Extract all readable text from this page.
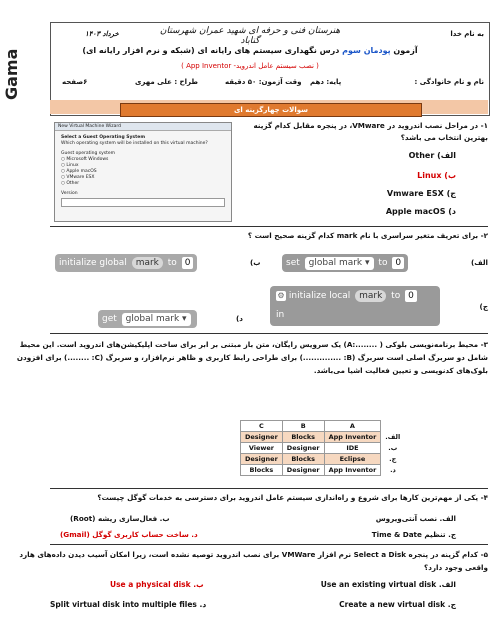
Gama
به نام خدا
هنرستان فنی و حرفه ای شهید عمران شهرستان گناباد
خرداد ۱۴۰۳
آزمون پودمان سوم درس نگهداری سیستم های رایانه ای (شبکه و نرم افزار رایانه ای)
( نصب سیستم عامل اندروید- App Inventor )
نام و نام خانوادگی :
پایه: دهم
وقت آزمون: ۵۰ دقیقه
طراح : علی مهری
۶صفحه
سوالات چهارگزینه ای
۱- در مراحل نصب اندروید در VMware، در پنجره مقابل کدام گزینه بهترین انتخاب می باشد؟
الف) Other
ب) Linux
ج) Vmware ESX
د) Apple macOS
New Virtual Machine Wizard
Select a Guest Operating System
Which operating system will be installed on this virtual machine?
Guest operating system
○ Microsoft Windows
○ Linux
○ Apple macOS
○ VMware ESX
○ Other
Version
۲- برای تعریف متغیر سراسری با نام mark کدام گزینه صحیح است ؟
الف)
set global mark ▾ to 0
ب)
initialize global mark to 0
ج)
⚙ initialize local mark to 0
in
د)
get global mark ▾
۳- محیط برنامه‌نویسی بلوکی ( ........:A) یک سرویس رایگان، متن باز مبتنی بر ابر برای ساخت اپلیکیشن‌های اندروید است. این محیط شامل دو سربرگ اصلی است سربرگ (B: ..............) برای طراحی رابط کاربری و ظاهر نرم‌افزار، و سربرگ (C: ........) برای افزودن بلوک‌های کدنویسی و تعیین فعالیت اشیا می‌باشد.
C	B	A	
Designer	Blocks	App Inventor	الف.
Viewer	Designer	IDE	ب.
Designer	Blocks	Eclipse	ج.
Blocks	Designer	App Inventor	د.
۴- یکی از مهم‌ترین کارها برای شروع و راه‌اندازی سیستم عامل اندروید برای دسترسی به خدمات گوگل چیست؟
الف. نصب آنتی‌ویروس
ب. فعال‌سازی ریشه (Root)
ج. تنظیم Time & Date
د. ساخت حساب کاربری گوگل (Gmail)
۵- کدام گزینه در پنجره Select a Disk نرم افزار VMWare برای نصب اندروید توصیه نشده است، زیرا امکان آسیب دیدن داده‌های هارد واقعی وجود دارد؟
الف. Use an existing virtual disk
ب. Use a physical disk
ج. Create a new virtual disk
د. Split virtual disk into multiple files
